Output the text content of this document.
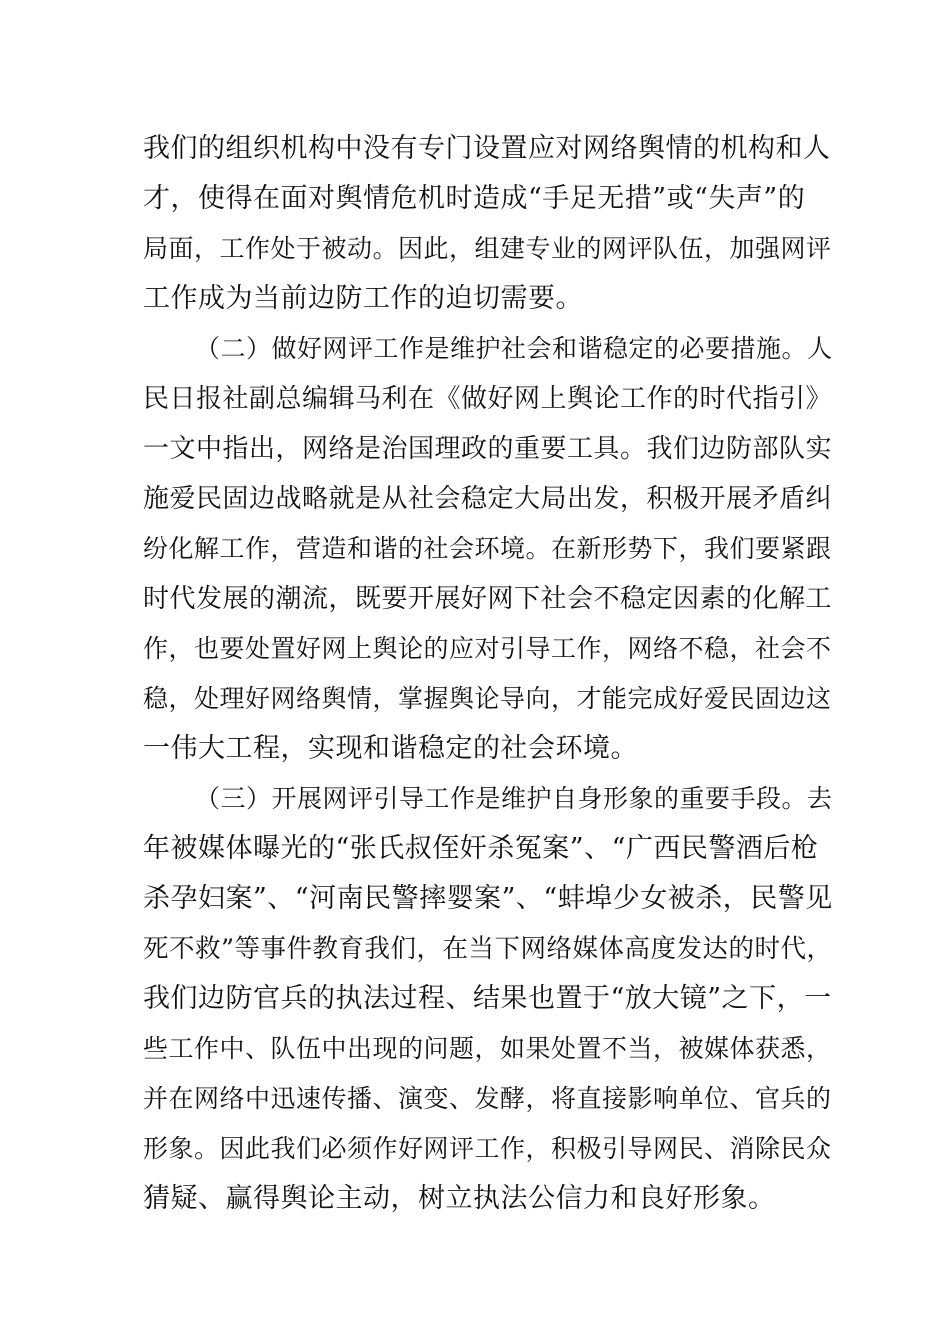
我们的组织机构中没有专门设置应对网络舆情的机构和人
才，使得在面对舆情危机时造成“手足无措”或“失声”的
局面，工作处于被动。因此，组建专业的网评队伍，加强网评
工作成为当前边防工作的迫切需要。
（二）做好网评工作是维护社会和谐稳定的必要措施。人
民日报社副总编辑马利在《做好网上舆论工作的时代指引》
一文中指出，网络是治国理政的重要工具。我们边防部队实
施爱民固边战略就是从社会稳定大局出发，积极开展矛盾纠
纷化解工作，营造和谐的社会环境。在新形势下，我们要紧跟
时代发展的潮流，既要开展好网下社会不稳定因素的化解工
作，也要处置好网上舆论的应对引导工作，网络不稳，社会不
稳，处理好网络舆情，掌握舆论导向，才能完成好爱民固边这
一伟大工程，实现和谐稳定的社会环境。
（三）开展网评引导工作是维护自身形象的重要手段。去
年被媒体曝光的“张氏叔侄奸杀冤案”、“广西民警酒后枪
杀孕妇案”、“河南民警摔婴案”、“蚌埠少女被杀，民警见
死不救”等事件教育我们，在当下网络媒体高度发达的时代，
我们边防官兵的执法过程、结果也置于“放大镜”之下，一
些工作中、队伍中出现的问题，如果处置不当，被媒体获悉，
并在网络中迅速传播、演变、发酵，将直接影响单位、官兵的
形象。因此我们必须作好网评工作，积极引导网民、消除民众
猜疑、赢得舆论主动，树立执法公信力和良好形象。
